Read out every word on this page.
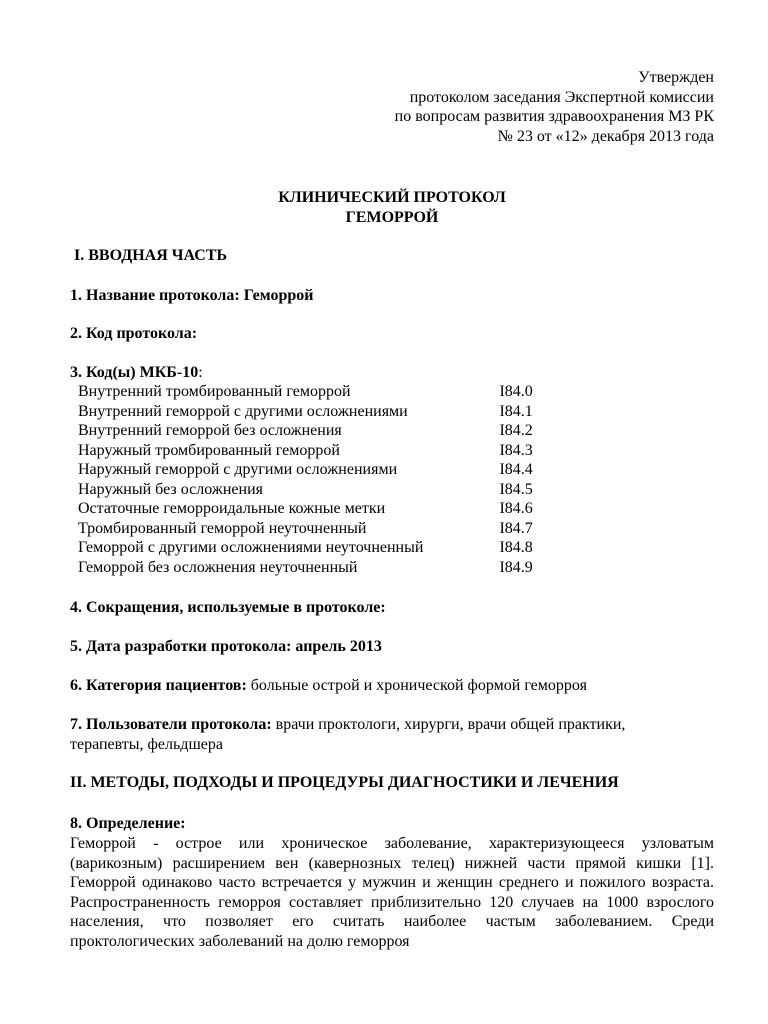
Утвержден
протоколом заседания Экспертной комиссии
по вопросам развития здравоохранения МЗ РК
№ 23 от «12» декабря 2013 года
КЛИНИЧЕСКИЙ ПРОТОКОЛ
ГЕМОРРОЙ
I. ВВОДНАЯ ЧАСТЬ
1. Название протокола: Геморрой
2. Код протокола:
3. Код(ы) МКБ-10:
Внутренний тромбированный геморрой	I84.0
Внутренний геморрой с другими осложнениями	I84.1
Внутренний геморрой без осложнения	I84.2
Наружный тромбированный геморрой	I84.3
Наружный геморрой с другими осложнениями	I84.4
Наружный без осложнения	I84.5
Остаточные геморроидальные кожные метки	I84.6
Тромбированный геморрой неуточненный	I84.7
Геморрой с другими осложнениями неуточненный	I84.8
Геморрой без осложнения неуточненный	I84.9
4. Сокращения, используемые в протоколе:
5. Дата разработки протокола: апрель 2013
6. Категория пациентов: больные острой и хронической формой геморроя
7. Пользователи протокола: врачи проктологи, хирурги, врачи общей практики,
терапевты, фельдшера
II. МЕТОДЫ, ПОДХОДЫ И ПРОЦЕДУРЫ ДИАГНОСТИКИ И ЛЕЧЕНИЯ
8. Определение:
Геморрой - острое или хроническое заболевание, характеризующееся узловатым (варикозным) расширением вен (кавернозных телец) нижней части прямой кишки [1]. Геморрой одинаково часто встречается у мужчин и женщин среднего и пожилого возраста. Распространенность геморроя составляет приблизительно 120 случаев на 1000 взрослого населения, что позволяет его считать наиболее частым заболеванием. Среди проктологических заболеваний на долю геморроя
